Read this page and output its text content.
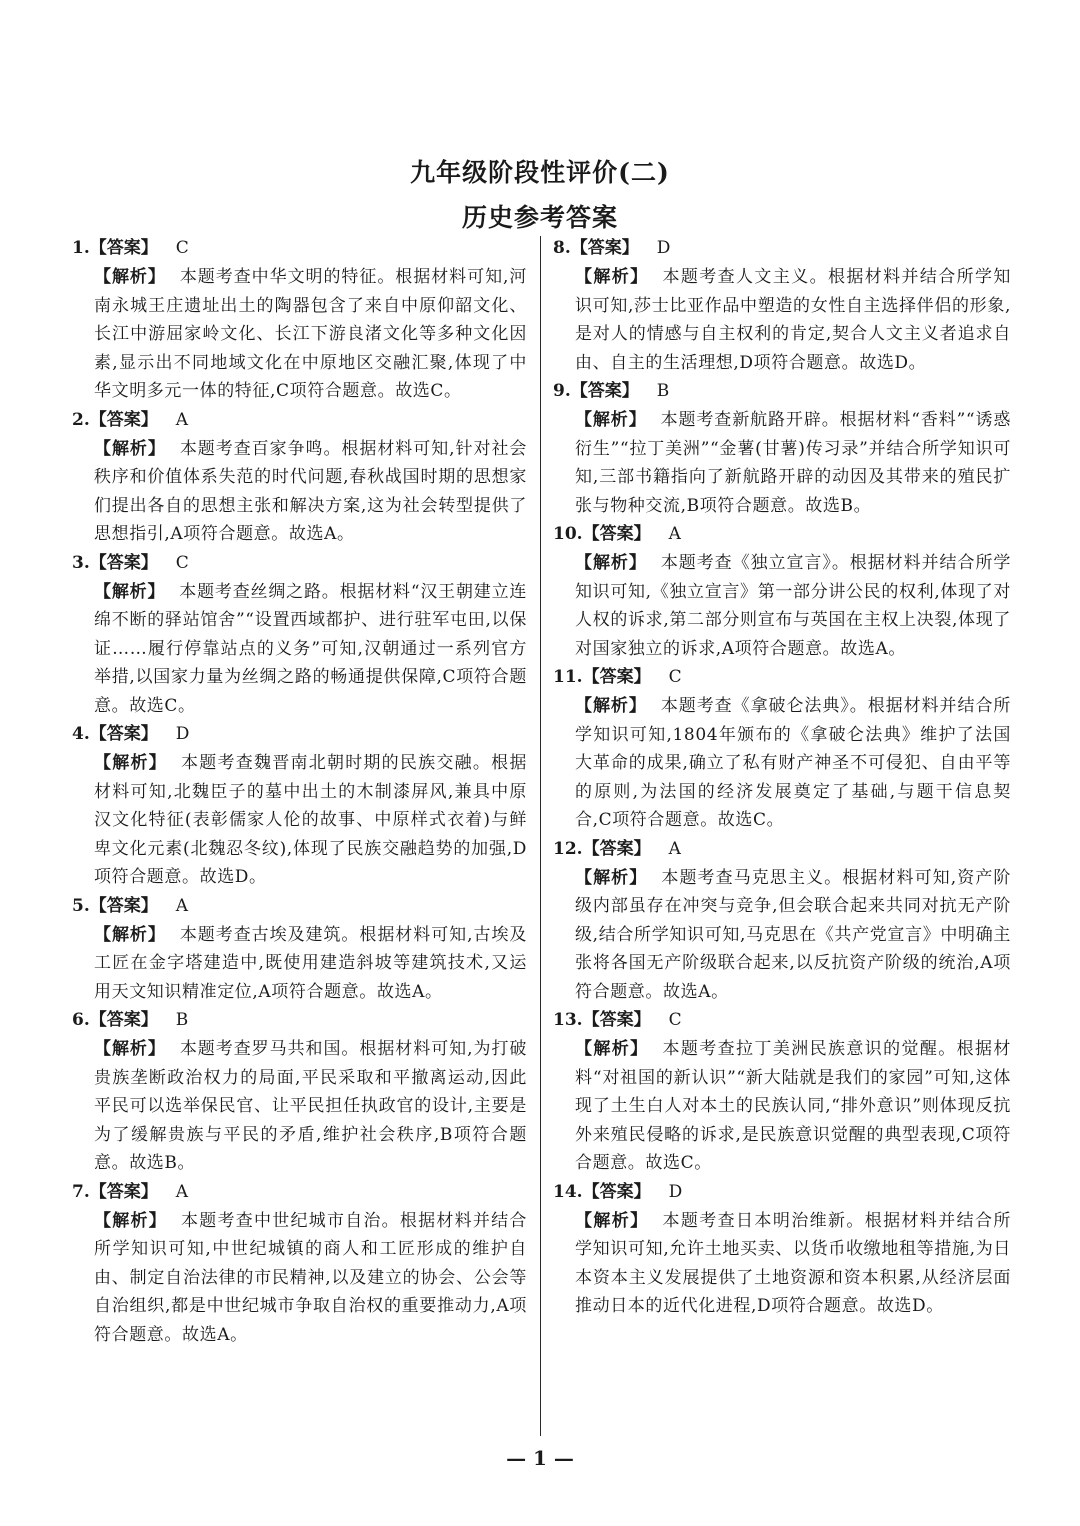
九年级阶段性评价(二)
历史参考答案
1.【答案】 C

【解析】 本题考查中华文明的特征。根据材料可知,河南永城王庄遗址出土的陶器包含了来自中原仰韶文化、长江中游屈家岭文化、长江下游良渚文化等多种文化因素,显示出不同地域文化在中原地区交融汇聚,体现了中华文明多元一体的特征,C项符合题意。故选C。

2.【答案】 A

【解析】 本题考查百家争鸣。根据材料可知,针对社会秩序和价值体系失范的时代问题,春秋战国时期的思想家们提出各自的思想主张和解决方案,这为社会转型提供了思想指引,A项符合题意。故选A。

3.【答案】 C

【解析】 本题考查丝绸之路。根据材料“汉王朝建立连绵不断的驿站馆舍”“设置西域都护、进行驻军屯田,以保证……履行停靠站点的义务”可知,汉朝通过一系列官方举措,以国家力量为丝绸之路的畅通提供保障,C项符合题意。故选C。

4.【答案】 D

【解析】 本题考查魏晋南北朝时期的民族交融。根据材料可知,北魏臣子的墓中出土的木制漆屏风,兼具中原汉文化特征(表彰儒家人伦的故事、中原样式衣着)与鲜卑文化元素(北魏忍冬纹),体现了民族交融趋势的加强,D项符合题意。故选D。

5.【答案】 A

【解析】 本题考查古埃及建筑。根据材料可知,古埃及工匠在金字塔建造中,既使用建造斜坡等建筑技术,又运用天文知识精准定位,A项符合题意。故选A。

6.【答案】 B

【解析】 本题考查罗马共和国。根据材料可知,为打破贵族垄断政治权力的局面,平民采取和平撤离运动,因此平民可以选举保民官、让平民担任执政官的设计,主要是为了缓解贵族与平民的矛盾,维护社会秩序,B项符合题意。故选B。

7.【答案】 A

【解析】 本题考查中世纪城市自治。根据材料并结合所学知识可知,中世纪城镇的商人和工匠形成的维护自由、制定自治法律的市民精神,以及建立的协会、公会等自治组织,都是中世纪城市争取自治权的重要推动力,A项符合题意。故选A。

8.【答案】 D

【解析】 本题考查人文主义。根据材料并结合所学知识可知,莎士比亚作品中塑造的女性自主选择伴侣的形象,是对人的情感与自主权利的肯定,契合人文主义者追求自由、自主的生活理想,D项符合题意。故选D。

9.【答案】 B

【解析】 本题考查新航路开辟。根据材料“香料”“诱惑衍生”“拉丁美洲”“金薯(甘薯)传习录”并结合所学知识可知,三部书籍指向了新航路开辟的动因及其带来的殖民扩张与物种交流,B项符合题意。故选B。

10.【答案】 A

【解析】 本题考查《独立宣言》。根据材料并结合所学知识可知,《独立宣言》第一部分讲公民的权利,体现了对人权的诉求,第二部分则宣布与英国在主权上决裂,体现了对国家独立的诉求,A项符合题意。故选A。

11.【答案】 C

【解析】 本题考查《拿破仑法典》。根据材料并结合所学知识可知,1804年颁布的《拿破仑法典》维护了法国大革命的成果,确立了私有财产神圣不可侵犯、自由平等的原则,为法国的经济发展奠定了基础,与题干信息契合,C项符合题意。故选C。

12.【答案】 A

【解析】 本题考查马克思主义。根据材料可知,资产阶级内部虽存在冲突与竞争,但会联合起来共同对抗无产阶级,结合所学知识可知,马克思在《共产党宣言》中明确主张将各国无产阶级联合起来,以反抗资产阶级的统治,A项符合题意。故选A。

13.【答案】 C

【解析】 本题考查拉丁美洲民族意识的觉醒。根据材料“对祖国的新认识”“新大陆就是我们的家园”可知,这体现了土生白人对本土的民族认同,“排外意识”则体现反抗外来殖民侵略的诉求,是民族意识觉醒的典型表现,C项符合题意。故选C。

14.【答案】 D

【解析】 本题考查日本明治维新。根据材料并结合所学知识可知,允许土地买卖、以货币收缴地租等措施,为日本资本主义发展提供了土地资源和资本积累,从经济层面推动日本的近代化进程,D项符合题意。故选D。

— 1 —
